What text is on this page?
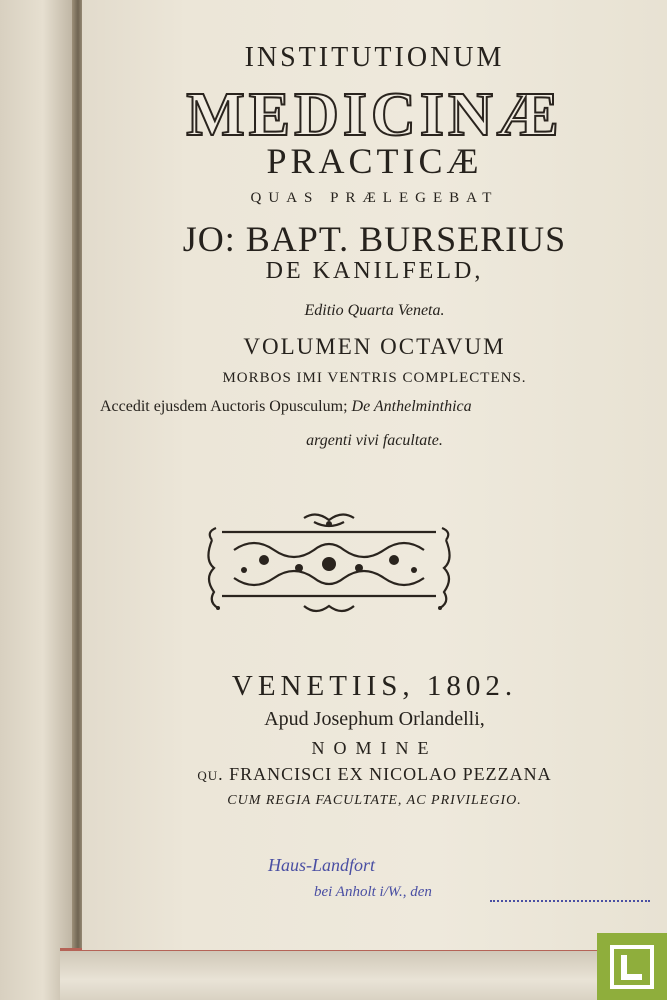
INSTITUTIONUM
MEDICINÆ
PRACTICÆ
QUAS PRÆLEGEBAT
JO: BAPT. BURSERIUS
DE KANILFELD,
Editio Quarta Veneta.
VOLUMEN OCTAVUM
MORBOS IMI VENTRIS COMPLECTENS.
Accedit ejusdem Auctoris Opusculum; De Anthelminthica
argenti vivi facultate.
VENETIIS, 1802.
Apud Josephum Orlandelli,
NOMINE
qu. FRANCISCI EX NICOLAO PEZZANA
CUM REGIA FACULTATE, AC PRIVILEGIO.
Haus-Landfort
bei Anholt i/W., den
